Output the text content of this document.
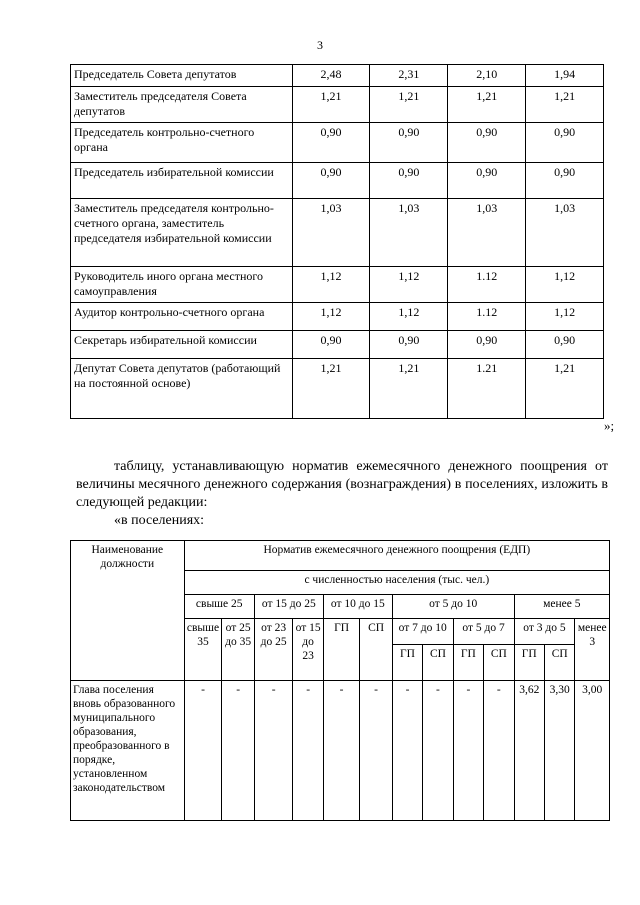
3
Председатель Совета депутатов	2,48	2,31	2,10	1,94
Заместитель председателя Совета депутатов	1,21	1,21	1,21	1,21
Председатель контрольно-счетного органа	0,90	0,90	0,90	0,90
Председатель избирательной комиссии	0,90	0,90	0,90	0,90
Заместитель председателя контрольно-счетного органа, заместитель председателя избирательной комиссии	1,03	1,03	1,03	1,03
Руководитель иного органа местного самоуправления	1,12	1,12	1.12	1,12
Аудитор контрольно-счетного органа	1,12	1,12	1.12	1,12
Секретарь избирательной комиссии	0,90	0,90	0,90	0,90
Депутат Совета депутатов (работающий на постоянной основе)	1,21	1,21	1.21	1,21
»;
таблицу, устанавливающую норматив ежемесячного денежного поощрения от величины месячного денежного содержания (вознаграждения) в поселениях, изложить в следующей редакции:
«в поселениях:
Наименование должности	Норматив ежемесячного денежного поощрения (ЕДП)												
	с численностью населения (тыс. чел.)												
	свыше 25		от 15 до 25		от 10 до 15		от 5 до 10				менее 5		
	свыше 35	от 25 до 35	от 23 до 25	от 15 до 23	ГП	СП	от 7 до 10		от 5 до 7		от 3 до 5		менее 3
							ГП	СП	ГП	СП	ГП	СП	
Глава поселения вновь образованного муниципального образования, преобразованного в порядке, установленном законодательством	-	-	-	-	-	-	-	-	-	-	3,62	3,30	3,00
